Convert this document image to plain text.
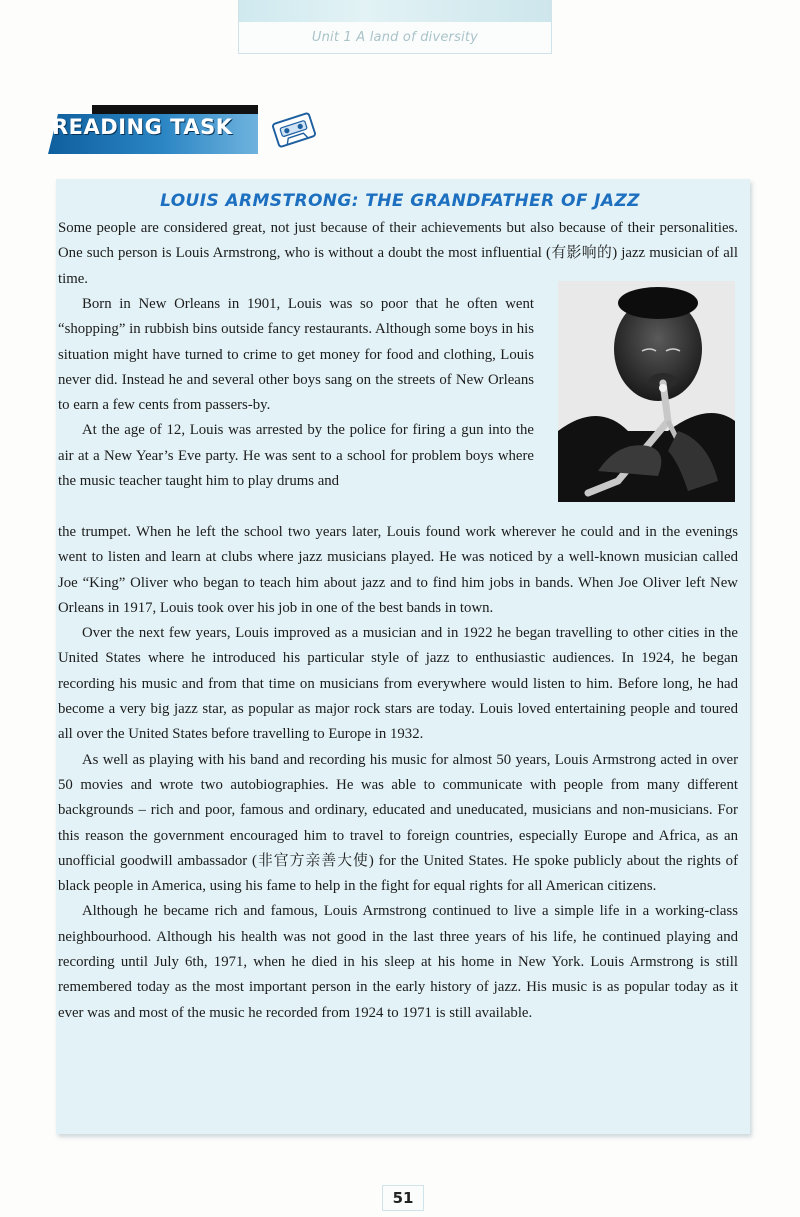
Unit 1 A land of diversity
READING TASK
LOUIS ARMSTRONG: THE GRANDFATHER OF JAZZ

Some people are considered great, not just because of their achievements but also because of their personalities. One such person is Louis Armstrong, who is without a doubt the most influential (有影响的) jazz musician of all time.

Born in New Orleans in 1901, Louis was so poor that he often went “shopping” in rubbish bins outside fancy restaurants. Although some boys in his situation might have turned to crime to get money for food and clothing, Louis never did. Instead he and several other boys sang on the streets of New Orleans to earn a few cents from passers-by.

At the age of 12, Louis was arrested by the police for firing a gun into the air at a New Year’s Eve party. He was sent to a school for problem boys where the music teacher taught him to play drums and

the trumpet. When he left the school two years later, Louis found work wherever he could and in the evenings went to listen and learn at clubs where jazz musicians played. He was noticed by a well-known musician called Joe “King” Oliver who began to teach him about jazz and to find him jobs in bands. When Joe Oliver left New Orleans in 1917, Louis took over his job in one of the best bands in town.

Over the next few years, Louis improved as a musician and in 1922 he began travelling to other cities in the United States where he introduced his particular style of jazz to enthusiastic audiences. In 1924, he began recording his music and from that time on musicians from everywhere would listen to him. Before long, he had become a very big jazz star, as popular as major rock stars are today. Louis loved entertaining people and toured all over the United States before travelling to Europe in 1932.

As well as playing with his band and recording his music for almost 50 years, Louis Armstrong acted in over 50 movies and wrote two autobiographies. He was able to communicate with people from many different backgrounds – rich and poor, famous and ordinary, educated and uneducated, musicians and non-musicians. For this reason the government encouraged him to travel to foreign countries, especially Europe and Africa, as an unofficial goodwill ambassador (非官方亲善大使) for the United States. He spoke publicly about the rights of black people in America, using his fame to help in the fight for equal rights for all American citizens.

Although he became rich and famous, Louis Armstrong continued to live a simple life in a working-class neighbourhood. Although his health was not good in the last three years of his life, he continued playing and recording until July 6th, 1971, when he died in his sleep at his home in New York. Louis Armstrong is still remembered today as the most important person in the early history of jazz. His music is as popular today as it ever was and most of the music he recorded from 1924 to 1971 is still available.

51
